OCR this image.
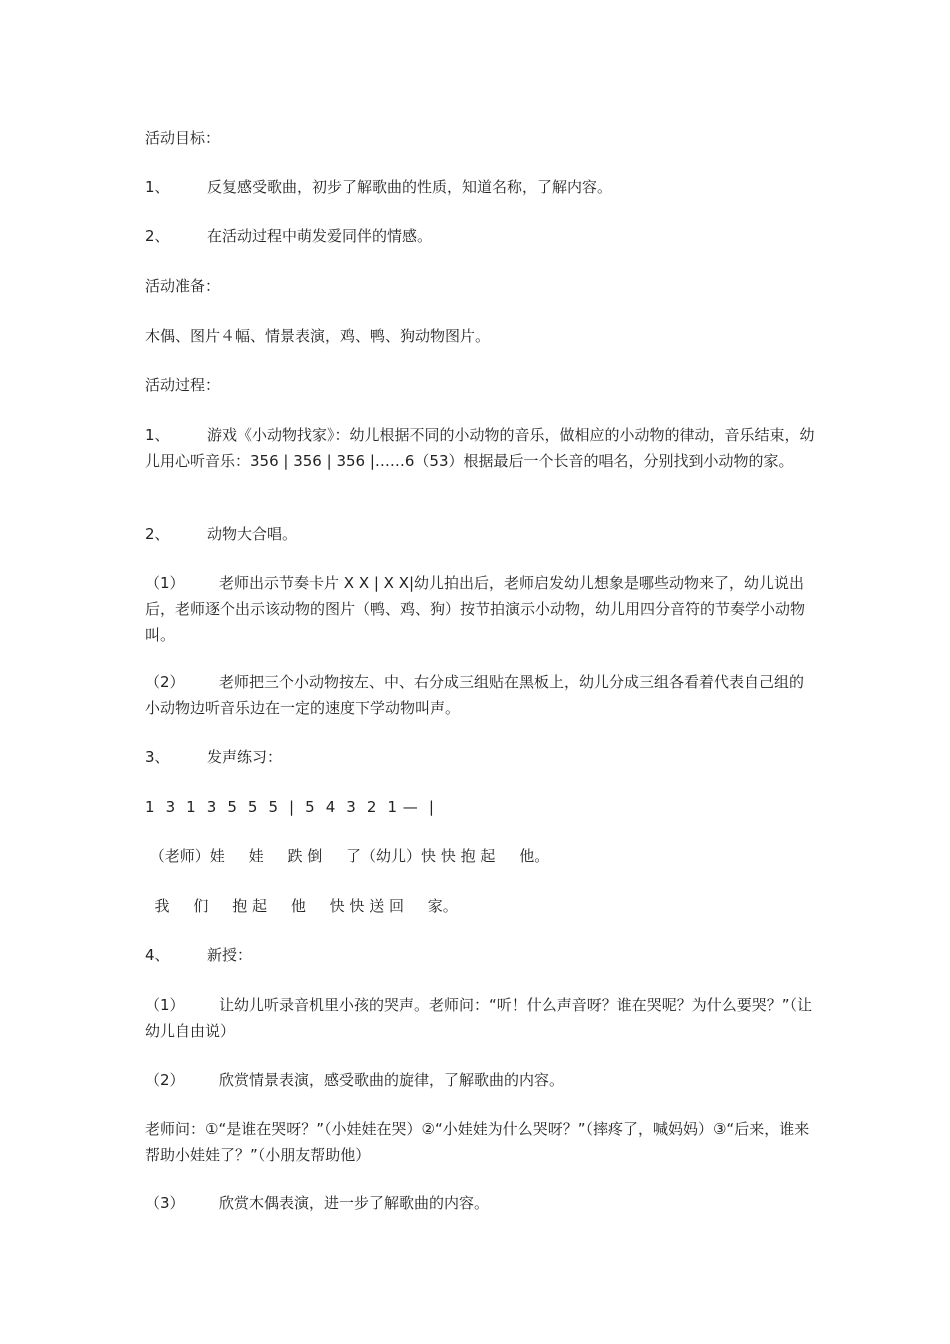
活动目标：
1、 反复感受歌曲，初步了解歌曲的性质，知道名称，了解内容。
2、 在活动过程中萌发爱同伴的情感。
活动准备：
木偶、图片４幅、情景表演，鸡、鸭、狗动物图片。
活动过程：
1、 游戏《小动物找家》：幼儿根据不同的小动物的音乐，做相应的小动物的律动，音乐结束，幼儿用心听音乐：356 | 356 | 356 |……6（53）根据最后一个长音的唱名，分别找到小动物的家。
2、 动物大合唱。
（1） 老师出示节奏卡片 X X | X X|幼儿拍出后，老师启发幼儿想象是哪些动物来了，幼儿说出后，老师逐个出示该动物的图片（鸭、鸡、狗）按节拍演示小动物，幼儿用四分音符的节奏学小动物叫。
（2） 老师把三个小动物按左、中、右分成三组贴在黑板上，幼儿分成三组各看着代表自己组的小动物边听音乐边在一定的速度下学动物叫声。
3、 发声练习：
1  3  1  3  5  5  5  |  5  4  3  2  1 —  |
（老师）娃     娃     跌 倒     了（幼儿）快 快 抱 起     他。
我     们     抱 起     他     快 快 送 回     家。
4、 新授：
（1） 让幼儿听录音机里小孩的哭声。老师问：“听！什么声音呀？谁在哭呢？为什么要哭？”（让幼儿自由说）
（2） 欣赏情景表演，感受歌曲的旋律，了解歌曲的内容。
老师问：①“是谁在哭呀？”（小娃娃在哭）②“小娃娃为什么哭呀？”（摔疼了，喊妈妈）③“后来，谁来帮助小娃娃了？”（小朋友帮助他）
（3） 欣赏木偶表演，进一步了解歌曲的内容。
